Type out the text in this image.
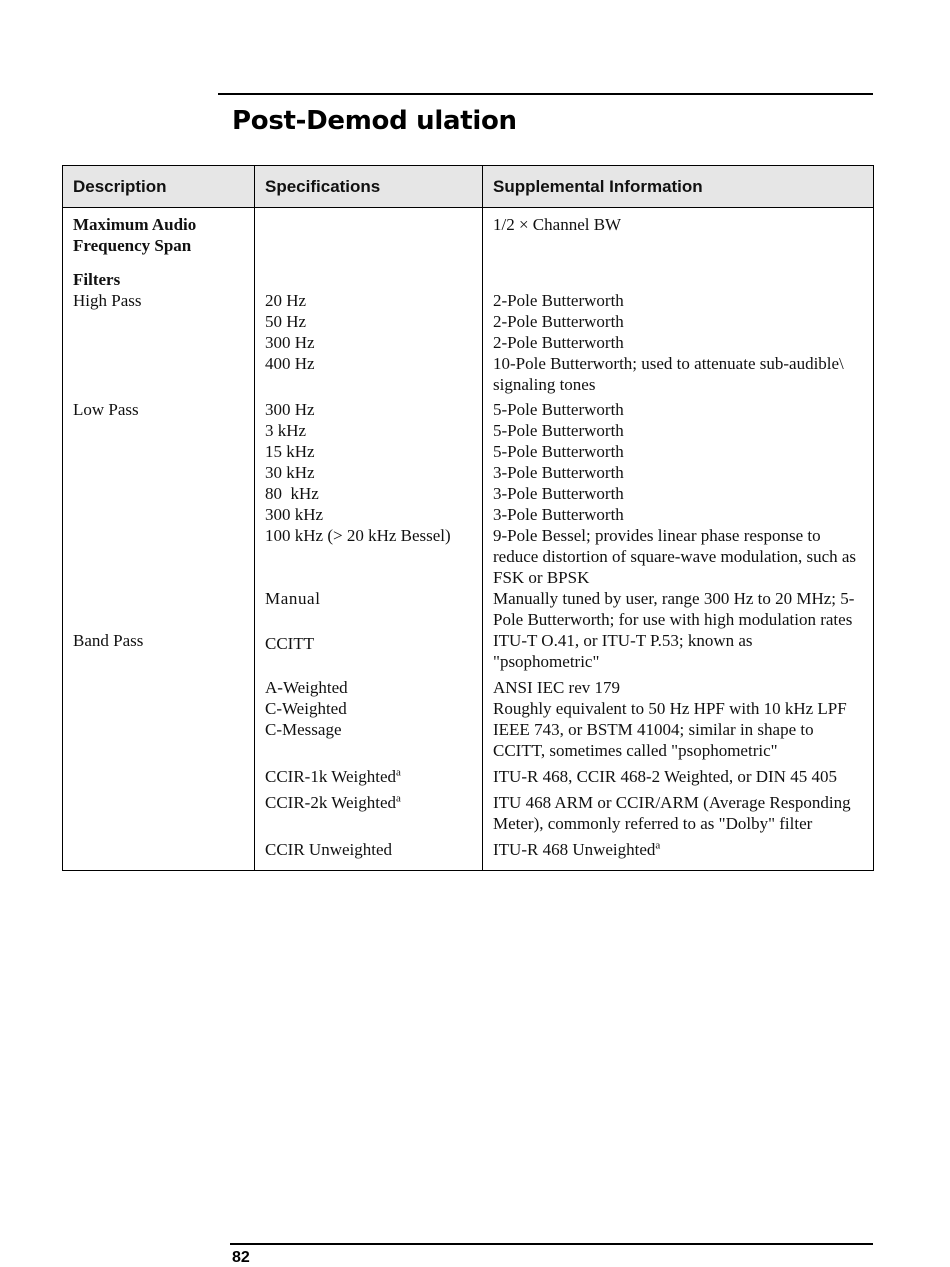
Post-Demod ulation
Description	Specifications	Supplemental Information
Maximum Audio Frequency Span		1/2 × Channel BW

Filters		
High Pass	20 Hz	2-Pole Butterworth
	50 Hz	2-Pole Butterworth
	300 Hz	2-Pole Butterworth
	400 Hz	10-Pole Butterworth; used to attenuate sub-audible\ signaling tones
Low Pass	300 Hz	5-Pole Butterworth
	3 kHz	5-Pole Butterworth
	15 kHz	5-Pole Butterworth
	30 kHz	3-Pole Butterworth
	80  kHz	3-Pole Butterworth
	300 kHz	3-Pole Butterworth
	100 kHz (> 20 kHz Bessel)	9-Pole Bessel; provides linear phase response to reduce distortion of square-wave modulation, such as FSK or BPSK
	Manual	Manually tuned by user, range 300 Hz to 20 MHz; 5-Pole Butterworth; for use with high modulation rates
Band Pass	CCITT	ITU-T O.41, or ITU-T P.53; known as "psophometric"
	A-Weighted	ANSI IEC rev 179
	C-Weighted	Roughly equivalent to 50 Hz HPF with 10 kHz LPF
	C-Message	IEEE 743, or BSTM 41004; similar in shape to CCITT, sometimes called "psophometric"
	CCIR-1k Weighted$^a$	ITU-R 468, CCIR 468-2 Weighted, or DIN 45 405
	CCIR-2k Weighted$^a$	ITU 468 ARM or CCIR/ARM (Average Responding Meter), commonly referred to as "Dolby" filter
	CCIR Unweighted	ITU-R 468 Unweighted$^a$
82
